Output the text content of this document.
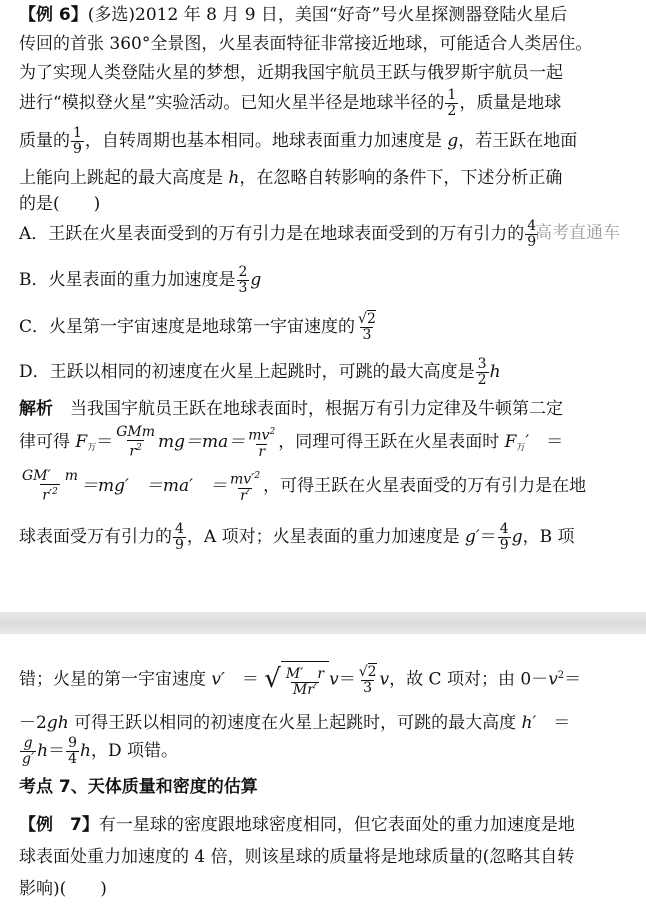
【例 6】(多选)2012 年 8 月 9 日，美国“好奇”号火星探测器登陆火星后
传回的首张 360°全景图，火星表面特征非常接近地球，可能适合人类居住。
为了实现人类登陆火星的梦想，近期我国宇航员王跃与俄罗斯宇航员一起
进行“模拟登火星”实验活动。已知火星半径是地球半径的 $\frac{1}{2}$ ，质量是地球
质量的 $\frac{1}{9}$ ，自转周期也基本相同。地球表面重力加速度是 g，若王跃在地面
上能向上跳起的最大高度是 h，在忽略自转影响的条件下，下述分析正确
的是(　　)
A．王跃在火星表面受到的万有引力是在地球表面受到的万有引力的 $\frac{4}{9}$
B．火星表面的重力加速度是 $\frac{2}{3}$ g
C．火星第一宇宙速度是地球第一宇宙速度的 $\frac{√2}{3}$
D．王跃以相同的初速度在火星上起跳时，可跳的最大高度是 $\frac{3}{2}$ h
解析　当我国宇航员王跃在地球表面时，根据万有引力定律及牛顿第二定
律可得 $F_万= \frac{\text{GMm}}{r^2} mg=ma= \frac{mv^2}{r}$ ，同理可得王跃在火星表面时 $F_万'$　 ＝
$\frac{GM' m}{r'^2} =mg'$　＝ma′　＝ $\frac{mv'^2}{r'}$ ，可得王跃在火星表面受的万有引力是在地
球表面受万有引力的 $\frac{4}{9}$ ，A 项对；火星表面的重力加速度是 $g'= \frac{4}{9}$ g，B 项
高考直通车
错；火星的第一宇宙速度 v′　 ＝ √ $\frac{M' r}{Mr'} v= \frac{√2}{3}$ v，故 C 项对；由 $0-v^2=$
－2gh 可得王跃以相同的初速度在火星上起跳时，可跳的最大高度 h′　 ＝
$\frac{g}{g'} h= \frac{9}{4}$ h，D 项错。
考点 7、天体质量和密度的估算
【例　7】有一星球的密度跟地球密度相同，但它表面处的重力加速度是地
球表面处重力加速度的 4 倍，则该星球的质量将是地球质量的(忽略其自转
影响)(　　)
